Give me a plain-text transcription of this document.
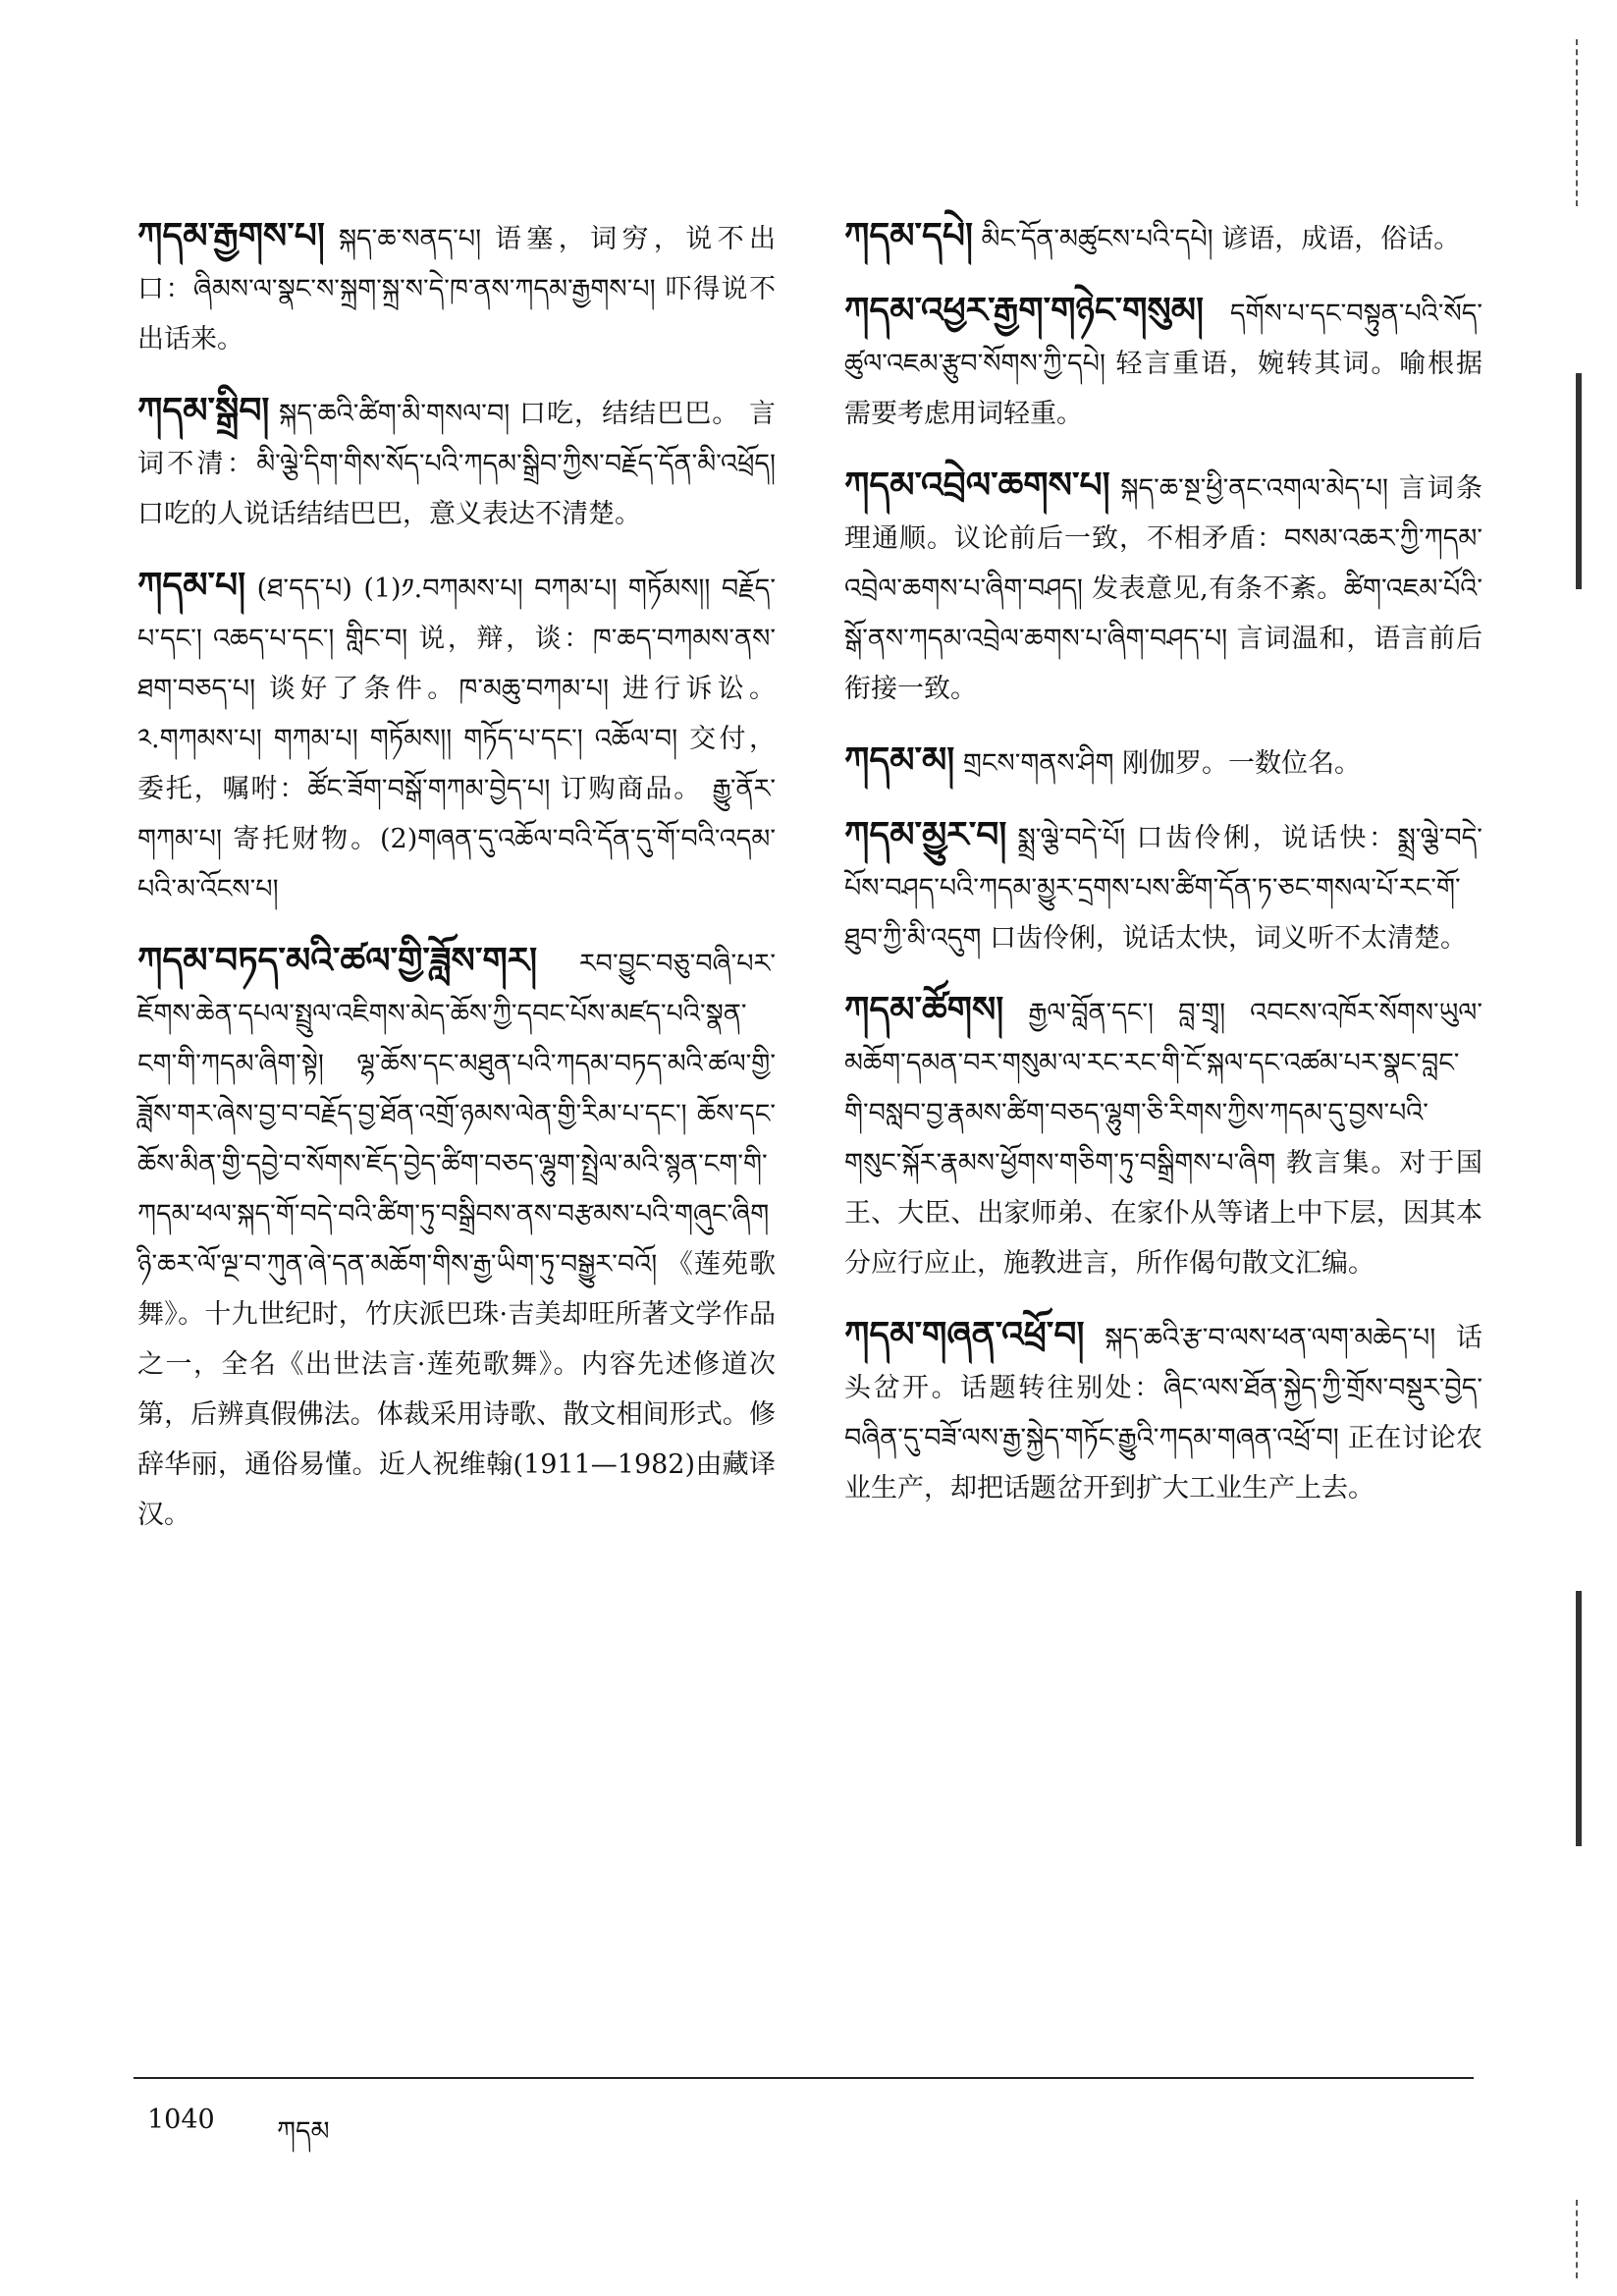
ཀདམ་རྒྱགས་པ། སྐད་ཆ་སནད་པ། 语塞，词穷，说不出口：ཞིམས་ལ་སྣང་ས་སྐྲག་སྐྲ་ས་དེ་ཁ་ནས་ཀདམ་རྒྱགས་པ། 吓得说不出话来。
ཀདམ་སྒྲིབ། སྐད་ཆའི་ཚིག་མི་གསལ་བ། 口吃，结结巴巴。 言词不清：མི་ལྕེ་དིག་གིས་སོད་པའི་ཀདམ་སྒྲིབ་ཀྱིས་བརྗོད་དོན་མི་འཕྲོད། 口吃的人说话结结巴巴，意义表达不清楚。
ཀདམ་པ། (ཐ་དད་པ) (1)༡.བཀམས་པ། བཀམ་པ། གཏོམས།། བརྗོད་པ་དང་། འཆད་པ་དང་། གླིང་བ། 说，辩，谈：ཁ་ཆད་བཀམས་ནས་ཐག་བཅད་པ། 谈好了条件。ཁ་མཆུ་བཀམ་པ། 进行诉讼。༢.གཀམས་པ། གཀམ་པ། གཏོམས།། གཏོད་པ་དང་། འཆོལ་བ། 交付，委托，嘱咐：ཚོང་ཟོག་བསྒོ་གཀམ་བྱེད་པ། 订购商品。 རྒྱུ་ནོར་གཀམ་པ། 寄托财物。(2)གཞན་དུ་འཆོལ་བའི་དོན་དུ་གོ་བའི་འདམ་པའི་མ་འོངས་པ།
ཀདམ་བཏད་མའི་ཚལ་གྱི་ཟློས་གར། རབ་བྱུང་བཅུ་བཞི་པར་ཇོགས་ཆེན་དཔལ་སྤྲུལ་འཇིགས་མེད་ཆོས་ཀྱི་དབང་པོས་མཛད་པའི་སྣན་ངག་གི་ཀདམ་ཞིག་སྟེ། ལྷ་ཆོས་དང་མཐུན་པའི་ཀདམ་བཏད་མའི་ཚལ་གྱི་ཟློས་གར་ཞེས་བྱ་བ་བརྗོད་བྱ་ཐོན་འགྲོ་ཉམས་ལེན་གྱི་རིམ་པ་དང་། ཆོས་དང་ཆོས་མིན་གྱི་དབྱེ་བ་སོགས་ཇོད་བྱེད་ཚིག་བཅད་ལྷུག་སྤྲེལ་མའི་སྙན་ངག་གི་ཀདམ་ཕལ་སྐད་གོ་བདེ་བའི་ཚིག་ཏུ་བསྒྲིབས་ནས་བརྩམས་པའི་གཞུང་ཞིག ཉི་ཆར་ལོ་ལྔ་བ་ཀུན་ཞེ་དན་མཆོག་གིས་རྒྱ་ཡིག་ཏུ་བསྒྱུར་བའོ། 《莲苑歌舞》。十九世纪时，竹庆派巴珠·吉美却旺所著文学作品之一，全名《出世法言·莲苑歌舞》。内容先述修道次第，后辨真假佛法。体裁采用诗歌、散文相间形式。修辞华丽，通俗易懂。近人祝维翰(1911—1982)由藏译汉。
ཀདམ་དཔེ། མིང་དོན་མཚུངས་པའི་དཔེ། 谚语，成语，俗话。
ཀདམ་འཕྱར་རྒྱག་གཉེང་གསུམ། དགོས་པ་དང་བསྟུན་པའི་སོད་ཚུལ་འཇམ་རྩུབ་སོགས་ཀྱི་དཔེ། 轻言重语，婉转其词。喻根据需要考虑用词轻重。
ཀདམ་འབྲེལ་ཆགས་པ། སྐད་ཆ་སྔ་ཕྱི་ནང་འགལ་མེད་པ། 言词条理通顺。议论前后一致，不相矛盾：བསམ་འཆར་ཀྱི་ཀདམ་འབྲེལ་ཆགས་པ་ཞིག་བཤད། 发表意见,有条不紊。ཚིག་འཇམ་པོའི་སྒོ་ནས་ཀདམ་འབྲེལ་ཆགས་པ་ཞིག་བཤད་པ། 言词温和，语言前后衔接一致。
ཀདམ་མ། གྲངས་གནས་ཤིག 刚伽罗。一数位名。
ཀདམ་མྱུར་བ། སྨྲ་ལྕེ་བདེ་པོ། 口齿伶俐，说话快：སྨྲ་ལྕེ་བདེ་པོས་བཤད་པའི་ཀདམ་མྱུར་དྲགས་པས་ཚིག་དོན་ཏ་ཅང་གསལ་པོ་རང་གོ་ཐུབ་ཀྱི་མི་འདུག 口齿伶俐，说话太快，词义听不太清楚。
ཀདམ་ཚོགས། རྒྱལ་བློན་དང་། བླ་གྲྭ། འབངས་འཁོར་སོགས་ཡུལ་མཆོག་དམན་བར་གསུམ་ལ་རང་རང་གི་ངོ་སྐལ་དང་འཚམ་པར་སྣང་བླང་གི་བསླབ་བྱ་རྣམས་ཚིག་བཅད་ལྷུག་ཅི་རིགས་ཀྱིས་ཀདམ་དུ་བྱས་པའི་གསུང་སྐོར་རྣམས་ཕྱོགས་གཅིག་ཏུ་བསྒྲིགས་པ་ཞིག 教言集。对于国王、大臣、出家师弟、在家仆从等诸上中下层，因其本分应行应止，施教进言，所作偈句散文汇编。
ཀདམ་གཞན་འཕྲོ་བ། སྐད་ཆའི་རྩ་བ་ལས་ཕན་ལག་མཆེད་པ། 话头岔开。话题转往别处：ཞིང་ལས་ཐོན་སྐྱེད་ཀྱི་གྲོས་བསྡུར་བྱེད་བཞིན་དུ་བཟོ་ལས་རྒྱ་སྐྱེད་གཏོང་རྒྱུའི་ཀདམ་གཞན་འཕྲོ་བ། 正在讨论农业生产，却把话题岔开到扩大工业生产上去。
1040 ཀདམ
